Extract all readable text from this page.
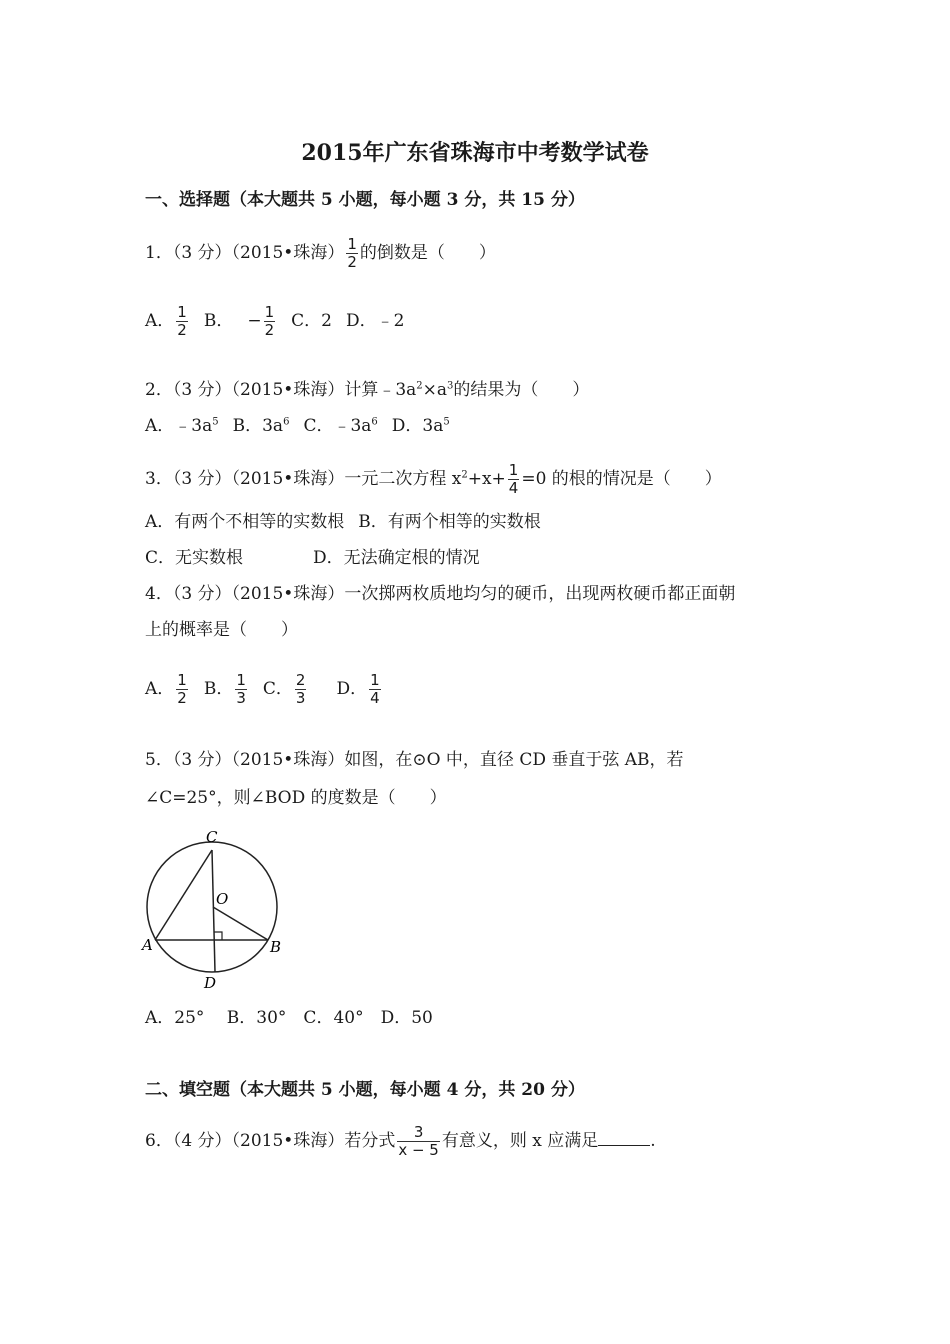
2015年广东省珠海市中考数学试卷
一、选择题（本大题共 5 小题，每小题 3 分，共 15 分）
1．（3 分）（2015•珠海） $\frac{1}{2}$ 的倒数是（　　）
A． $\frac{1}{2}$ B． − $\frac{1}{2}$ C．2 D．﹣2
2．（3 分）（2015•珠海）计算$﹣3a^2\times a^3$的结果为（　　）
A．$﹣3a^5$ B．$3a^6$ C．$﹣3a^6$ D．$3a^5$
3．（3 分）（2015•珠海）一元二次方程 $x^2+x+ \frac{1}{4} =0$ 的根的情况是（　　）
A．有两个不相等的实数根 B．有两个相等的实数根
C．无实数根	D．无法确定根的情况
4．（3 分）（2015•珠海）一次掷两枚质地均匀的硬币，出现两枚硬币都正面朝
上的概率是（　　）
A． $\frac{1}{2}$ B． $\frac{1}{3}$ C． $\frac{2}{3}$ D． $\frac{1}{4}$
5．（3 分）（2015•珠海）如图，在⊙O 中，直径 CD 垂直于弦 AB，若
∠C=25°，则∠BOD 的度数是（　　）
C
O
A	B
D
A．25°　 B．30°　C．40°　D．50
二、填空题（本大题共 5 小题，每小题 4 分，共 20 分）
6．（4 分）（2015•珠海）若分式 $\frac{3}{x - 5}$ 有意义，则 x 应满足	.
